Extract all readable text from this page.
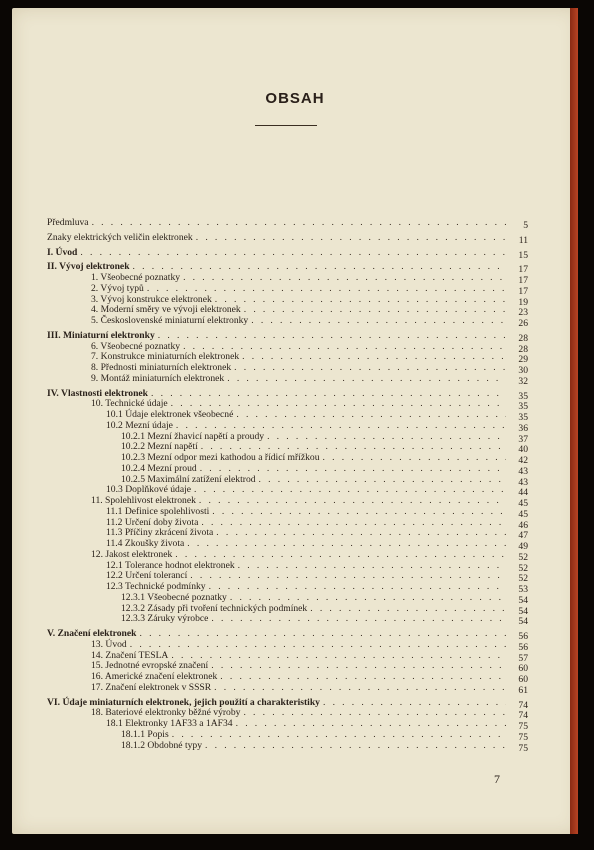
OBSAH
Předmluva . . .	5
Znaky elektrických veličin elektronek . . .	11
I. Úvod . . .	15
II. Vývoj elektronek . . .	17
1. Všeobecné poznatky . . .	17
2. Vývoj typů . . .	17
3. Vývoj konstrukce elektronek . . .	19
4. Moderní směry ve vývoji elektronek . . .	23
5. Československé miniaturní elektronky . . .	26
III. Miniaturní elektronky . . .	28
6. Všeobecné poznatky . . .	28
7. Konstrukce miniaturních elektronek . . .	29
8. Přednosti miniaturních elektronek . . .	30
9. Montáž miniaturních elektronek . . .	32
IV. Vlastnosti elektronek . . .	35
10. Technické údaje . . .	35
10.1 Údaje elektronek všeobecné . . .	35
10.2 Mezní údaje . . .	36
10.2.1 Mezní žhavicí napětí a proudy . . .	37
10.2.2 Mezní napětí . . .	40
10.2.3 Mezní odpor mezi kathodou a řídicí mřížkou . . .	42
10.2.4 Mezní proud . . .	43
10.2.5 Maximální zatížení elektrod . . .	43
10.3 Doplňkové údaje . . .	44
11. Spolehlivost elektronek . . .	45
11.1 Definice spolehlivosti . . .	45
11.2 Určení doby života . . .	46
11.3 Příčiny zkrácení života . . .	47
11.4 Zkoušky života . . .	49
12. Jakost elektronek . . .	52
12.1 Tolerance hodnot elektronek . . .	52
12.2 Určení tolerancí . . .	52
12.3 Technické podmínky . . .	53
12.3.1 Všeobecné poznatky . . .	54
12.3.2 Zásady při tvoření technických podmínek . . .	54
12.3.3 Záruky výrobce . . .	54
V. Značení elektronek . . .	56
13. Úvod . . .	56
14. Značení TESLA . . .	57
15. Jednotné evropské značení . . .	60
16. Americké značení elektronek . . .	60
17. Značení elektronek v SSSR . . .	61
VI. Údaje miniaturních elektronek, jejich použití a charakteristiky . . .	74
18. Bateriové elektronky běžné výroby . . .	74
18.1 Elektronky 1AF33 a 1AF34 . . .	75
18.1.1 Popis . . .	75
18.1.2 Obdobné typy . . .	75
7
